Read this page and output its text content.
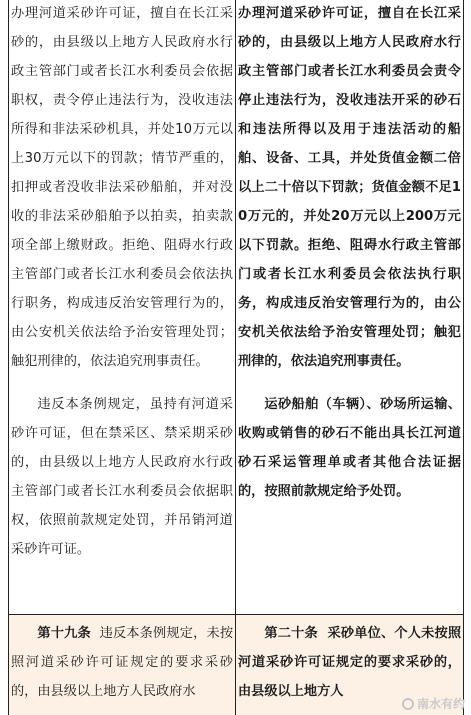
办理河道采砂许可证，擅自在长江采砂的，由县级以上地方人民政府水行政主管部门或者长江水利委员会依据职权，责令停止违法行为，没收违法所得和非法采砂机具，并处10万元以上30万元以下的罚款；情节严重的，扣押或者没收非法采砂船舶，并对没收的非法采砂船舶予以拍卖，拍卖款项全部上缴财政。拒绝、阻碍水行政主管部门或者长江水利委员会依法执行职务，构成违反治安管理行为的，由公安机关依法给予治安管理处罚；触犯刑律的，依法追究刑事责任。

违反本条例规定，虽持有河道采砂许可证，但在禁采区、禁采期采砂的，由县级以上地方人民政府水行政主管部门或者长江水利委员会依据职权，依照前款规定处罚，并吊销河道采砂许可证。

办理河道采砂许可证，擅自在长江采砂的，由县级以上地方人民政府水行政主管部门或者长江水利委员会责令停止违法行为，没收违法开采的砂石和违法所得以及用于违法活动的船舶、设备、工具，并处货值金额二倍以上二十倍以下罚款；货值金额不足10万元的，并处20万元以上200万元以下罚款。拒绝、阻碍水行政主管部门或者长江水利委员会依法执行职务，构成违反治安管理行为的，由公安机关依法给予治安管理处罚；触犯刑律的，依法追究刑事责任。

运砂船舶（车辆）、砂场所运输、收购或销售的砂石不能出具长江河道砂石采运管理单或者其他合法证据的，按照前款规定给予处罚。

第十九条 违反本条例规定，未按照河道采砂许可证规定的要求采砂的，由县级以上地方人民政府水

第二十条 采砂单位、个人未按照河道采砂许可证规定的要求采砂的，由县级以上地方人

南水有约
